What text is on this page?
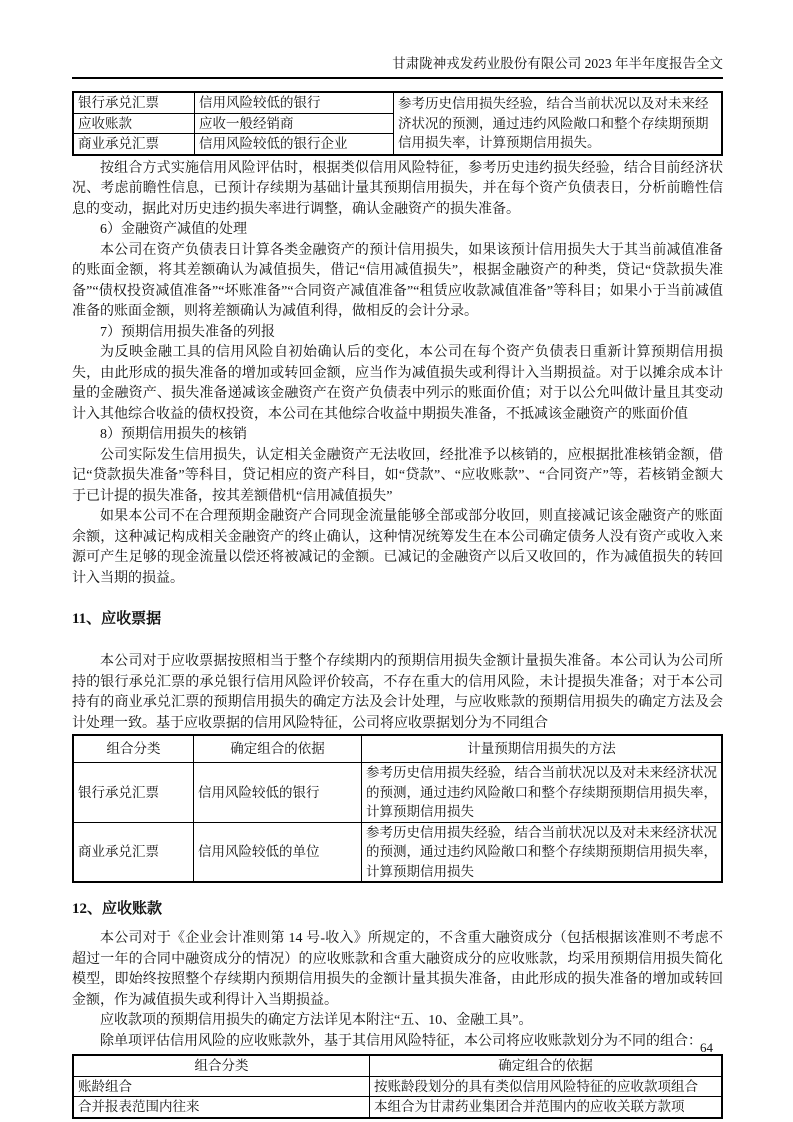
甘肃陇神戎发药业股份有限公司 2023 年半年度报告全文
银行承兑汇票	信用风险较低的银行	参考历史信用损失经验，结合当前状况以及对未来经济状况的预测，通过违约风险敞口和整个存续期预期信用损失率，计算预期信用损失。
应收账款	应收一般经销商	
商业承兑汇票	信用风险较低的银行企业	

按组合方式实施信用风险评估时，根据类似信用风险特征，参考历史违约损失经验，结合目前经济状况、考虑前瞻性信息，已预计存续期为基础计量其预期信用损失，并在每个资产负债表日，分析前瞻性信息的变动，据此对历史违约损失率进行调整，确认金融资产的损失准备。

6）金融资产减值的处理

本公司在资产负债表日计算各类金融资产的预计信用损失，如果该预计信用损失大于其当前减值准备的账面金额，将其差额确认为减值损失，借记“信用减值损失”，根据金融资产的种类，贷记“贷款损失准备”“债权投资减值准备”“坏账准备”“合同资产减值准备”“租赁应收款减值准备”等科目；如果小于当前减值准备的账面金额，则将差额确认为减值利得，做相反的会计分录。

7）预期信用损失准备的列报

为反映金融工具的信用风险自初始确认后的变化，本公司在每个资产负债表日重新计算预期信用损失，由此形成的损失准备的增加或转回金额，应当作为减值损失或利得计入当期损益。对于以摊余成本计量的金融资产、损失准备递减该金融资产在资产负债表中列示的账面价值；对于以公允叫做计量且其变动计入其他综合收益的债权投资，本公司在其他综合收益中期损失准备，不抵减该金融资产的账面价值

8）预期信用损失的核销

公司实际发生信用损失，认定相关金融资产无法收回，经批准予以核销的，应根据批准核销金额，借记“贷款损失准备”等科目，贷记相应的资产科目，如“贷款”、“应收账款”、“合同资产”等，若核销金额大于已计提的损失准备，按其差额借机“信用减值损失”

如果本公司不在合理预期金融资产合同现金流量能够全部或部分收回，则直接减记该金融资产的账面余额，这种减记构成相关金融资产的终止确认，这种情况统筹发生在本公司确定债务人没有资产或收入来源可产生足够的现金流量以偿还将被减记的金额。已减记的金融资产以后又收回的，作为减值损失的转回计入当期的损益。

11、应收票据

本公司对于应收票据按照相当于整个存续期内的预期信用损失金额计量损失准备。本公司认为公司所持的银行承兑汇票的承兑银行信用风险评价较高，不存在重大的信用风险，未计提损失准备；对于本公司持有的商业承兑汇票的预期信用损失的确定方法及会计处理，与应收账款的预期信用损失的确定方法及会计处理一致。基于应收票据的信用风险特征，公司将应收票据划分为不同组合

组合分类	确定组合的依据	计量预期信用损失的方法
银行承兑汇票	信用风险较低的银行	参考历史信用损失经验，结合当前状况以及对未来经济状况的预测，通过违约风险敞口和整个存续期预期信用损失率，计算预期信用损失
商业承兑汇票	信用风险较低的单位	参考历史信用损失经验，结合当前状况以及对未来经济状况的预测，通过违约风险敞口和整个存续期预期信用损失率，计算预期信用损失
12、应收账款

本公司对于《企业会计准则第 14 号-收入》所规定的，不含重大融资成分（包括根据该准则不考虑不超过一年的合同中融资成分的情况）的应收账款和含重大融资成分的应收账款，均采用预期信用损失简化模型，即始终按照整个存续期内预期信用损失的金额计量其损失准备，由此形成的损失准备的增加或转回金额，作为减值损失或利得计入当期损益。

应收款项的预期信用损失的确定方法详见本附注“五、10、金融工具”。

除单项评估信用风险的应收账款外，基于其信用风险特征，本公司将应收账款划分为不同的组合：

组合分类	确定组合的依据
账龄组合	按账龄段划分的具有类似信用风险特征的应收款项组合
合并报表范围内往来	本组合为甘肃药业集团合并范围内的应收关联方款项
64
